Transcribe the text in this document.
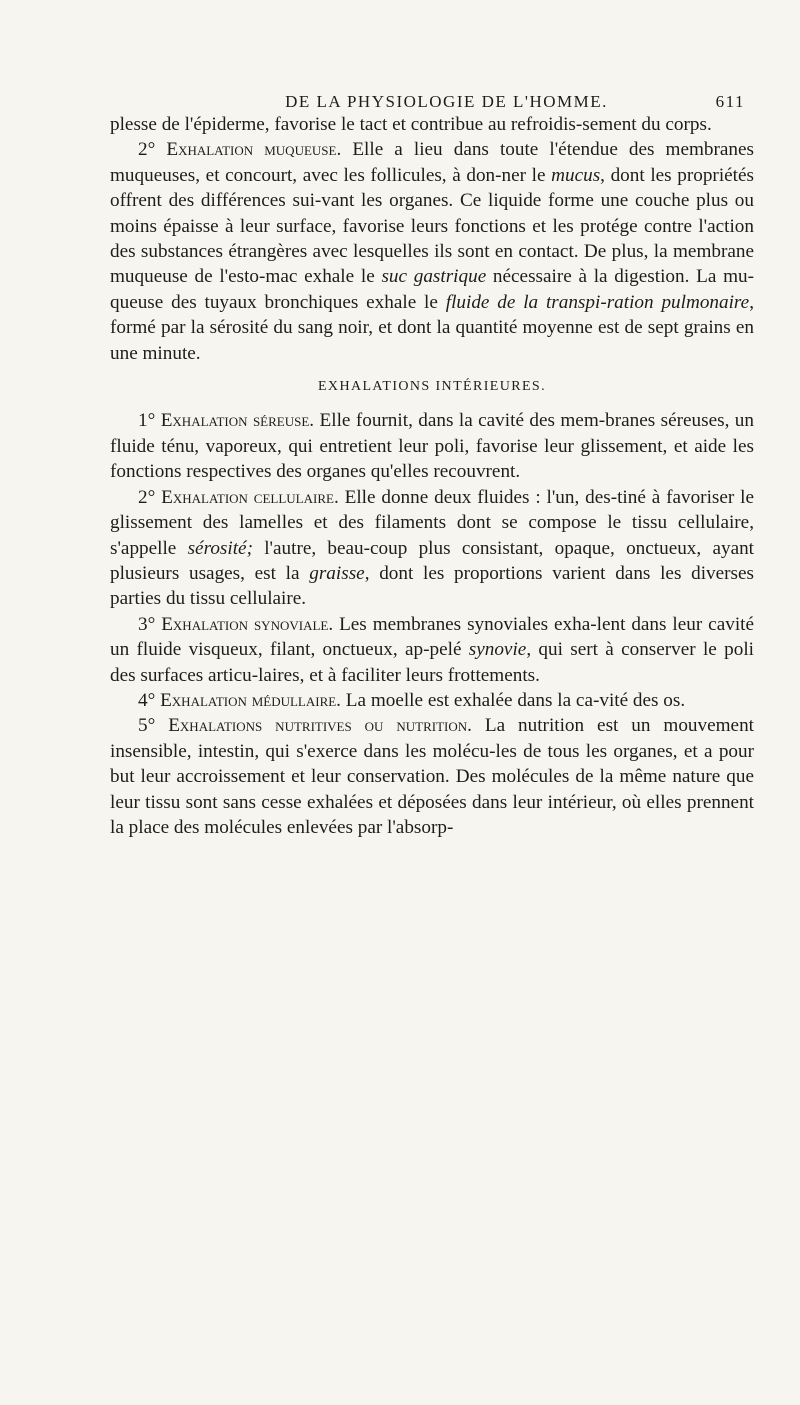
DE LA PHYSIOLOGIE DE L'HOMME.	611

plesse de l'épiderme, favorise le tact et contribue au refroidis-sement du corps.

2° Exhalation muqueuse. Elle a lieu dans toute l'étendue des membranes muqueuses, et concourt, avec les follicules, à don-ner le mucus, dont les propriétés offrent des différences sui-vant les organes. Ce liquide forme une couche plus ou moins épaisse à leur surface, favorise leurs fonctions et les protége contre l'action des substances étrangères avec lesquelles ils sont en contact. De plus, la membrane muqueuse de l'esto-mac exhale le suc gastrique nécessaire à la digestion. La mu-queuse des tuyaux bronchiques exhale le fluide de la transpi-ration pulmonaire, formé par la sérosité du sang noir, et dont la quantité moyenne est de sept grains en une minute.

EXHALATIONS INTÉRIEURES.

1° Exhalation séreuse. Elle fournit, dans la cavité des mem-branes séreuses, un fluide ténu, vaporeux, qui entretient leur poli, favorise leur glissement, et aide les fonctions respectives des organes qu'elles recouvrent.

2° Exhalation cellulaire. Elle donne deux fluides : l'un, des-tiné à favoriser le glissement des lamelles et des filaments dont se compose le tissu cellulaire, s'appelle sérosité; l'autre, beau-coup plus consistant, opaque, onctueux, ayant plusieurs usages, est la graisse, dont les proportions varient dans les diverses parties du tissu cellulaire.

3° Exhalation synoviale. Les membranes synoviales exha-lent dans leur cavité un fluide visqueux, filant, onctueux, ap-pelé synovie, qui sert à conserver le poli des surfaces articu-laires, et à faciliter leurs frottements.

4° Exhalation médullaire. La moelle est exhalée dans la ca-vité des os.

5° Exhalations nutritives ou nutrition. La nutrition est un mouvement insensible, intestin, qui s'exerce dans les molécu-les de tous les organes, et a pour but leur accroissement et leur conservation. Des molécules de la même nature que leur tissu sont sans cesse exhalées et déposées dans leur intérieur, où elles prennent la place des molécules enlevées par l'absorp-
